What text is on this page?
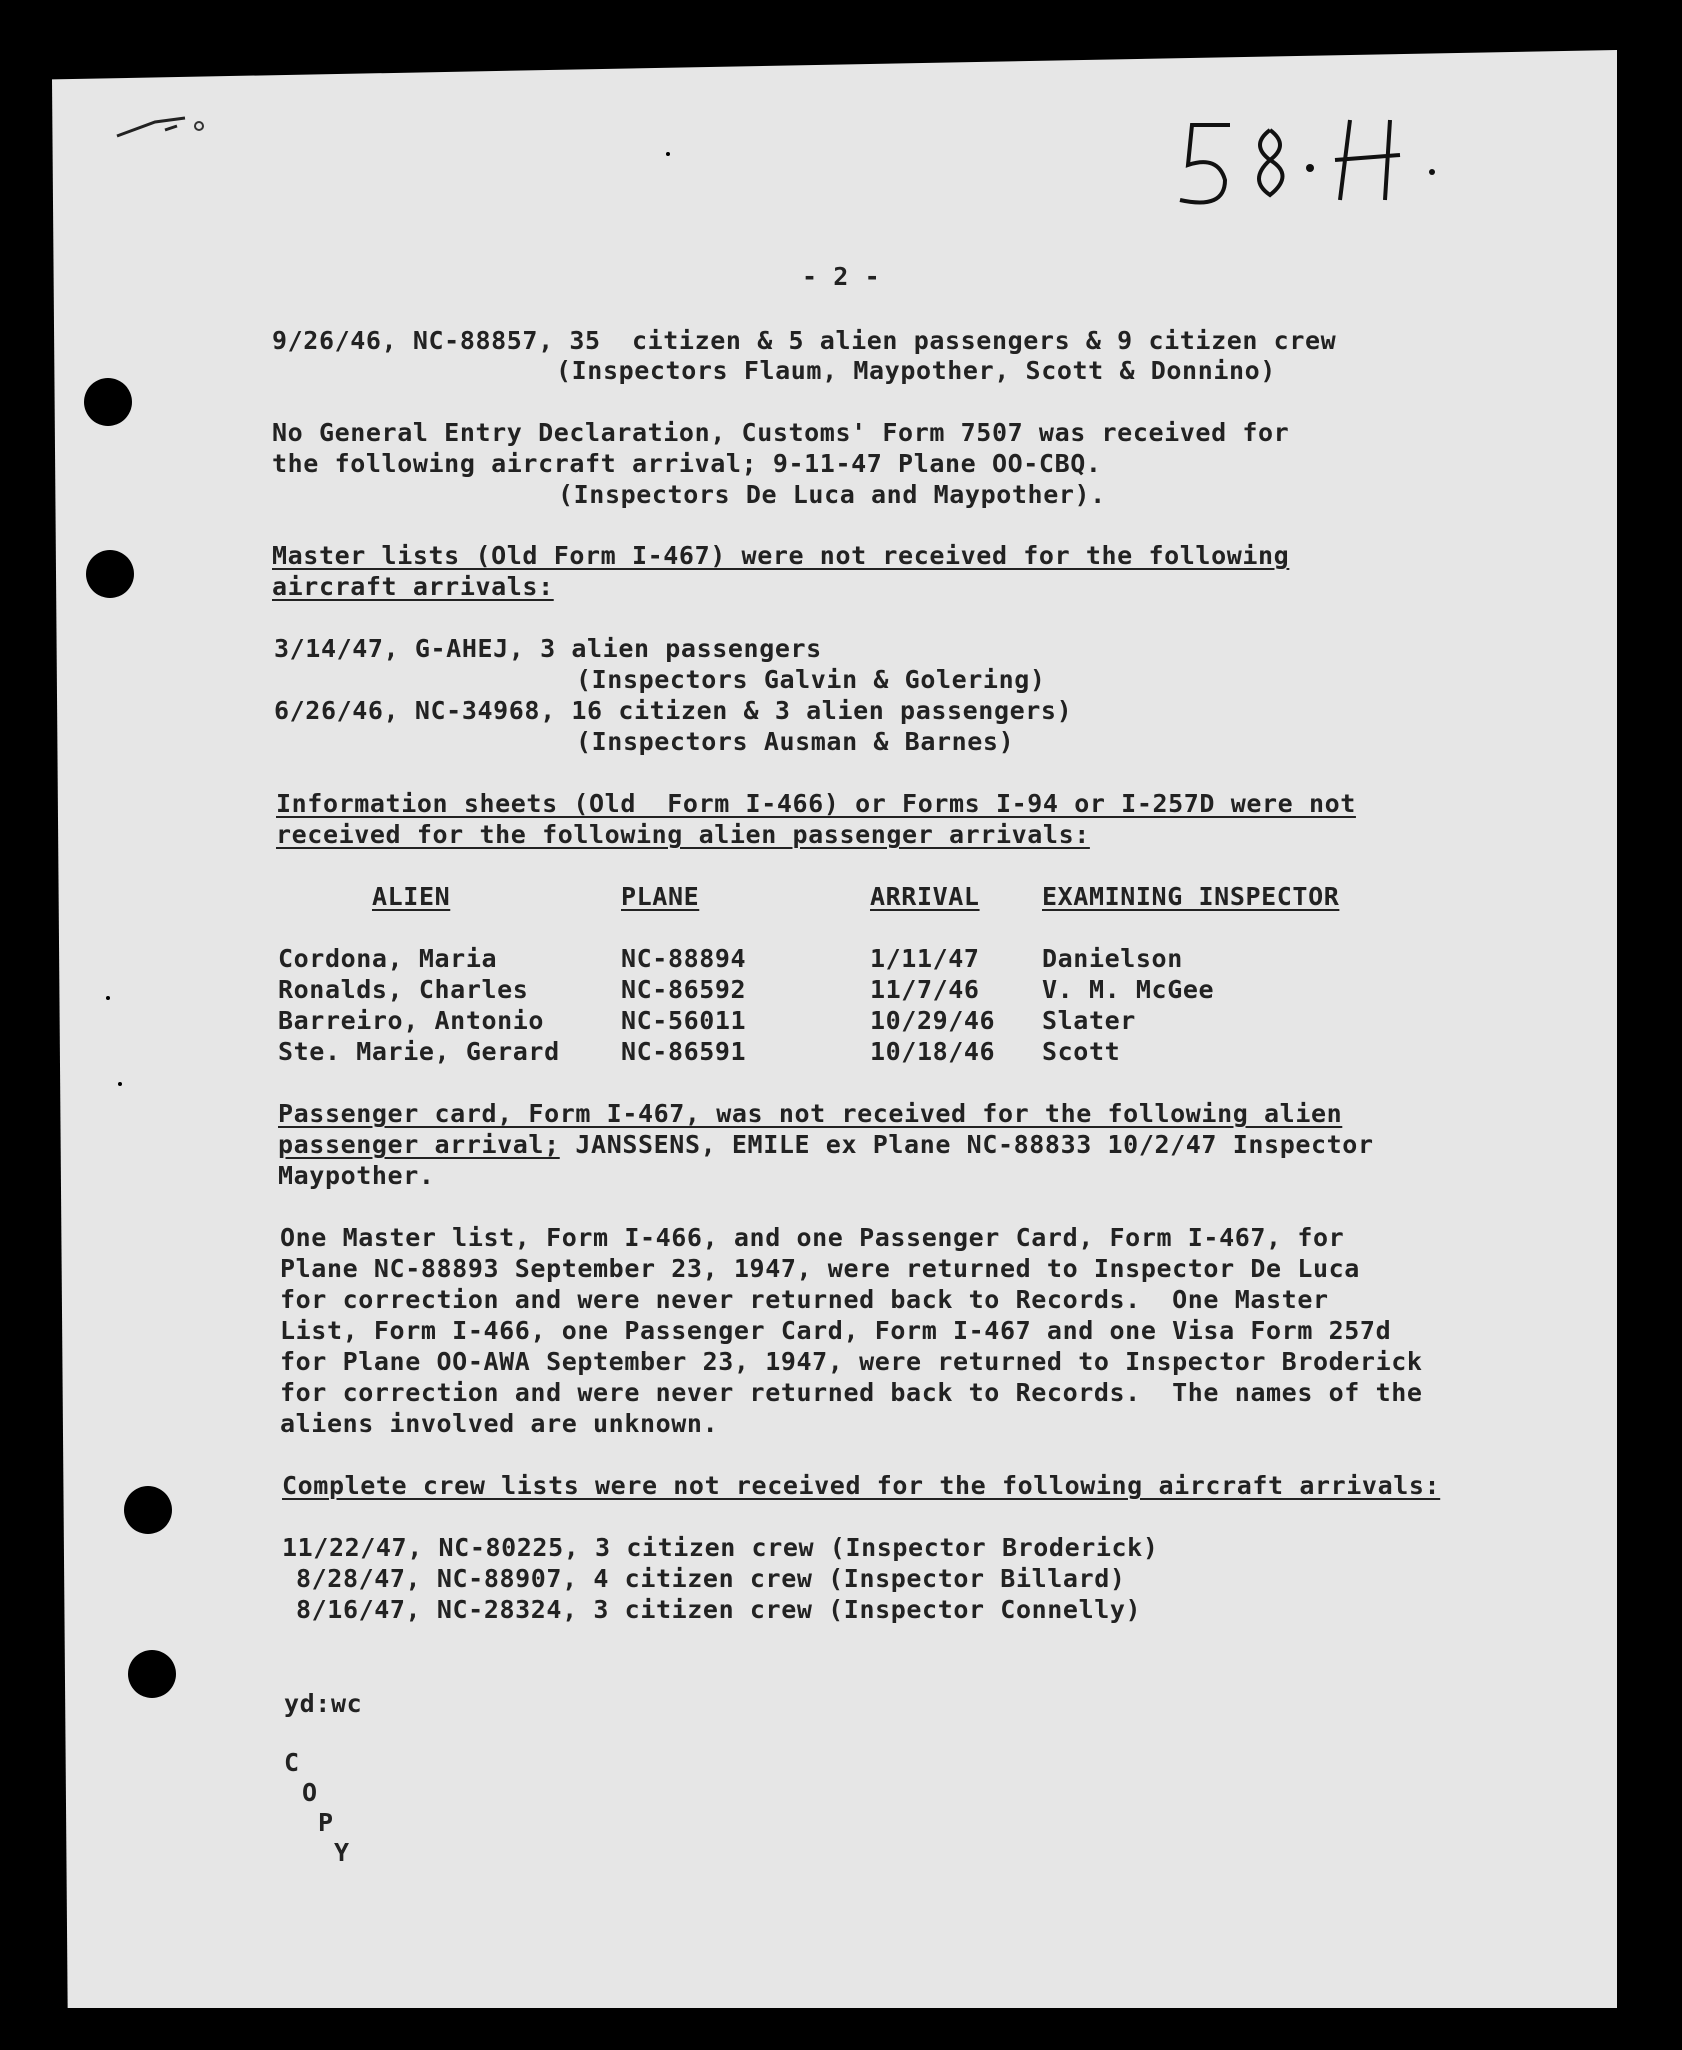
- 2 -
9/26/46, NC-88857, 35  citizen & 5 alien passengers & 9 citizen crew
(Inspectors Flaum, Maypother, Scott & Donnino)
No General Entry Declaration, Customs' Form 7507 was received for
the following aircraft arrival; 9-11-47 Plane OO-CBQ.
(Inspectors De Luca and Maypother).
Master lists (Old Form I-467) were not received for the following
aircraft arrivals:
3/14/47, G-AHEJ, 3 alien passengers
(Inspectors Galvin & Golering)
6/26/46, NC-34968, 16 citizen & 3 alien passengers)
(Inspectors Ausman & Barnes)
Information sheets (Old  Form I-466) or Forms I-94 or I-257D were not
received for the following alien passenger arrivals:
ALIEN	PLANE	ARRIVAL EXAMINING INSPECTOR
Cordona, Maria	NC-88894	1/11/47 Danielson
Ronalds, Charles	NC-86592	11/7/46 V. M. McGee
Barreiro, Antonio	NC-56011	10/29/46 Slater
Ste. Marie, Gerard NC-86591	10/18/46 Scott
Passenger card, Form I-467, was not received for the following alien
passenger arrival; JANSSENS, EMILE ex Plane NC-88833 10/2/47 Inspector
Maypother.
One Master list, Form I-466, and one Passenger Card, Form I-467, for
Plane NC-88893 September 23, 1947, were returned to Inspector De Luca
for correction and were never returned back to Records.  One Master
List, Form I-466, one Passenger Card, Form I-467 and one Visa Form 257d
for Plane OO-AWA September 23, 1947, were returned to Inspector Broderick
for correction and were never returned back to Records.  The names of the
aliens involved are unknown.
Complete crew lists were not received for the following aircraft arrivals:
11/22/47, NC-80225, 3 citizen crew (Inspector Broderick)
8/28/47, NC-88907, 4 citizen crew (Inspector Billard)
8/16/47, NC-28324, 3 citizen crew (Inspector Connelly)
yd:wc
C
O
P
Y
